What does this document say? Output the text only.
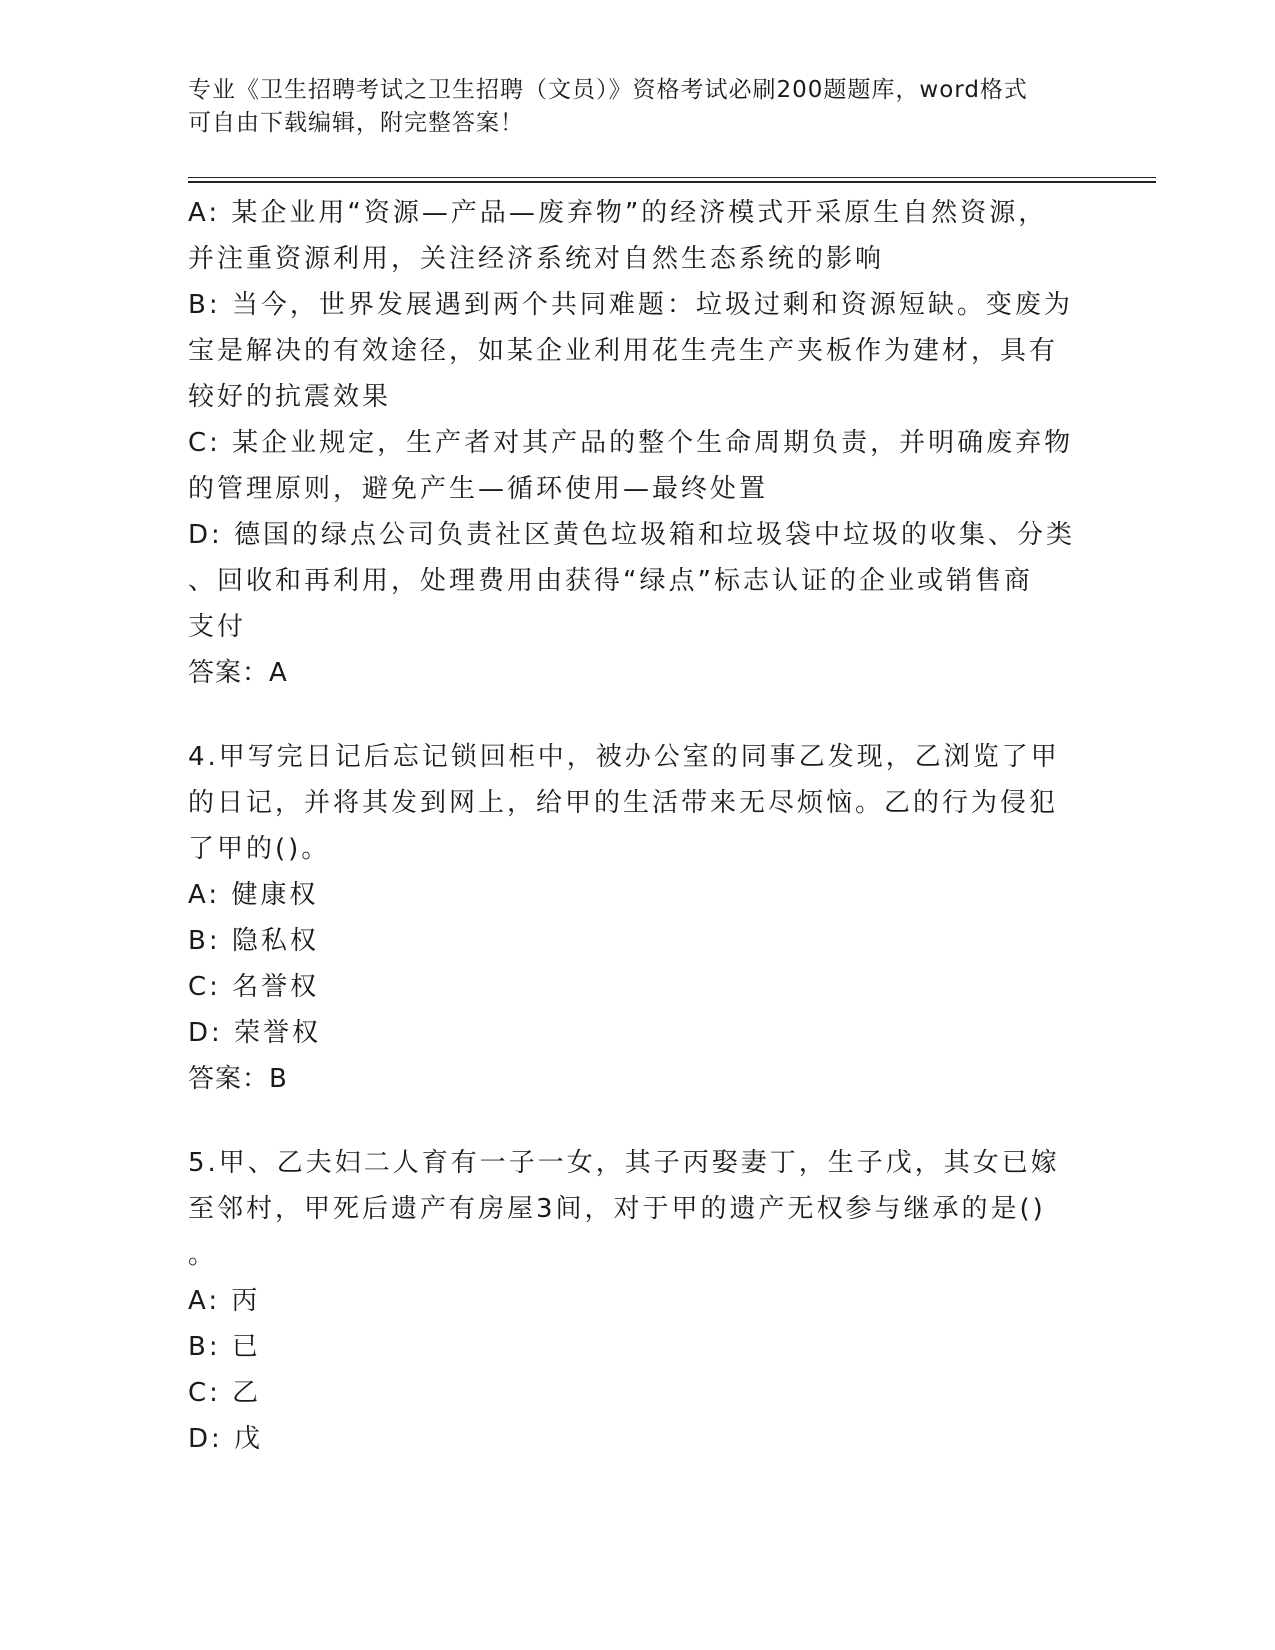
专业《卫生招聘考试之卫生招聘（文员）》资格考试必刷200题题库，word格式
可自由下载编辑，附完整答案！
A: 某企业用“资源—产品—废弃物”的经济模式开采原生自然资源，
并注重资源利用，关注经济系统对自然生态系统的影响
B: 当今，世界发展遇到两个共同难题：垃圾过剩和资源短缺。变废为
宝是解决的有效途径，如某企业利用花生壳生产夹板作为建材，具有
较好的抗震效果
C: 某企业规定，生产者对其产品的整个生命周期负责，并明确废弃物
的管理原则，避免产生—循环使用—最终处置
D: 德国的绿点公司负责社区黄色垃圾箱和垃圾袋中垃圾的收集、分类
、回收和再利用，处理费用由获得“绿点”标志认证的企业或销售商
支付
答案：A
4.甲写完日记后忘记锁回柜中，被办公室的同事乙发现，乙浏览了甲
的日记，并将其发到网上，给甲的生活带来无尽烦恼。乙的行为侵犯
了甲的()。
A: 健康权
B: 隐私权
C: 名誉权
D: 荣誉权
答案：B
5.甲、乙夫妇二人育有一子一女，其子丙娶妻丁，生子戊，其女已嫁
至邻村，甲死后遗产有房屋3间，对于甲的遗产无权参与继承的是()
。
A: 丙
B: 已
C: 乙
D: 戊
